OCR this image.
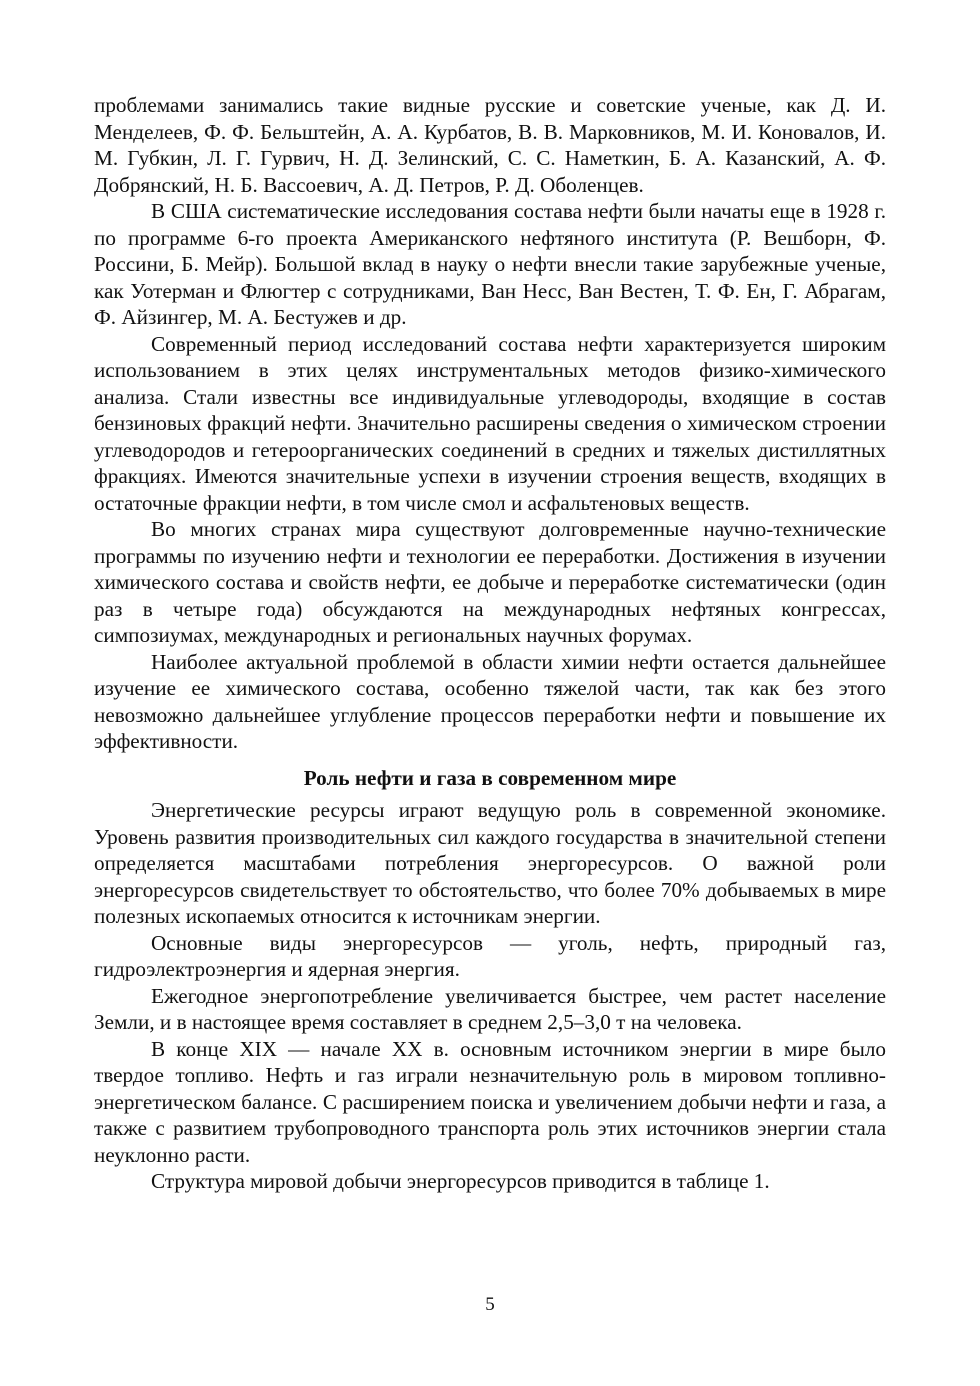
проблемами занимались такие видные русские и советские ученые, как Д. И. Менделеев, Ф. Ф. Бельштейн, А. А. Курбатов, В. В. Марковников, М. И. Коновалов, И. М. Губкин, Л. Г. Гурвич, Н. Д. Зелинский, С. С. Наметкин, Б. А. Казанский, А. Ф. Добрянский, Н. Б. Вассоевич, А. Д. Петров, Р. Д. Оболенцев.

В США систематические исследования состава нефти были начаты еще в 1928 г. по программе 6-го проекта Американского нефтяного института (Р. Вешборн, Ф. Россини, Б. Мейр). Большой вклад в науку о нефти внесли такие зарубежные ученые, как Уотерман и Флюгтер с сотрудниками, Ван Несс, Ван Вестен, Т. Ф. Ен, Г. Абрагам, Ф. Айзингер, М. А. Бестужев и др.

Современный период исследований состава нефти характеризуется широким использованием в этих целях инструментальных методов физико-химического анализа. Стали известны все индивидуальные углеводороды, входящие в состав бензиновых фракций нефти. Значительно расширены сведения о химическом строении углеводородов и гетероорганических соединений в средних и тяжелых дистиллятных фракциях. Имеются значительные успехи в изучении строения веществ, входящих в остаточные фракции нефти, в том числе смол и асфальтеновых веществ.

Во многих странах мира существуют долговременные научно-технические программы по изучению нефти и технологии ее переработки. Достижения в изучении химического состава и свойств нефти, ее добыче и переработке систематически (один раз в четыре года) обсуждаются на международных нефтяных конгрессах, симпозиумах, международных и региональных научных форумах.

Наиболее актуальной проблемой в области химии нефти остается дальнейшее изучение ее химического состава, особенно тяжелой части, так как без этого невозможно дальнейшее углубление процессов переработки нефти и повышение их эффективности.

Роль нефти и газа в современном мире

Энергетические ресурсы играют ведущую роль в современной экономике. Уровень развития производительных сил каждого государства в значительной степени определяется масштабами потребления энергоресурсов. О важной роли энергоресурсов свидетельствует то обстоятельство, что более 70% добываемых в мире полезных ископаемых относится к источникам энергии.

Основные виды энергоресурсов — уголь, нефть, природный газ, гидроэлектроэнергия и ядерная энергия.

Ежегодное энергопотребление увеличивается быстрее, чем растет население Земли, и в настоящее время составляет в среднем 2,5–3,0 т на человека.

В конце XIX — начале XX в. основным источником энергии в мире было твердое топливо. Нефть и газ играли незначительную роль в мировом топливно-энергетическом балансе. С расширением поиска и увеличением добычи нефти и газа, а также с развитием трубопроводного транспорта роль этих источников энергии стала неуклонно расти.

Структура мировой добычи энергоресурсов приводится в таблице 1.

5
